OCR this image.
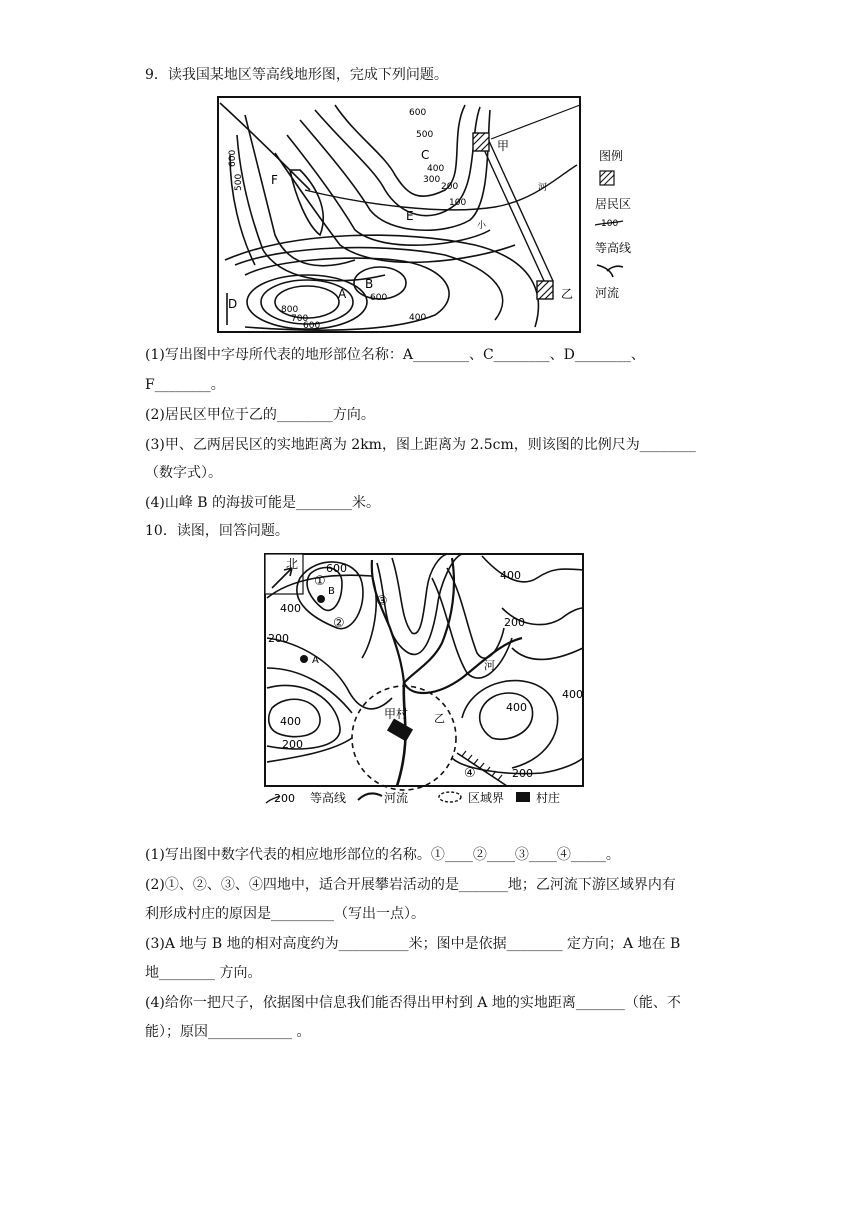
9．读我国某地区等高线地形图，完成下列问题。
600
500
400
300
200
100
800
700
600
400
600
500
600
A
B
C
D
E
F
甲
乙
河
小
图例
居民区
100
等高线
河流
(1)写出图中字母所代表的地形部位名称：A________、C________、D________、
F________。
(2)居民区甲位于乙的________方向。
(3)甲、乙两居民区的实地距离为 2km，图上距离为 2.5cm，则该图的比例尺为________
（数字式）。
(4)山峰 B 的海拔可能是________米。
10．读图，回答问题。
北
甲村
B
A
①
②
③
④
600
400
200
400
200
400
200
400
400
200
河
乙
200 等高线	河流	区域界	村庄
(1)写出图中数字代表的相应地形部位的名称。①____②____③____④_____。
(2)①、②、③、④四地中，适合开展攀岩活动的是_______地；乙河流下游区域界内有
利形成村庄的原因是_________（写出一点）。
(3)A 地与 B 地的相对高度约为__________米；图中是依据________ 定方向；A 地在 B
地________ 方向。
(4)给你一把尺子，依据图中信息我们能否得出甲村到 A 地的实地距离_______（能、不
能）；原因____________ 。
